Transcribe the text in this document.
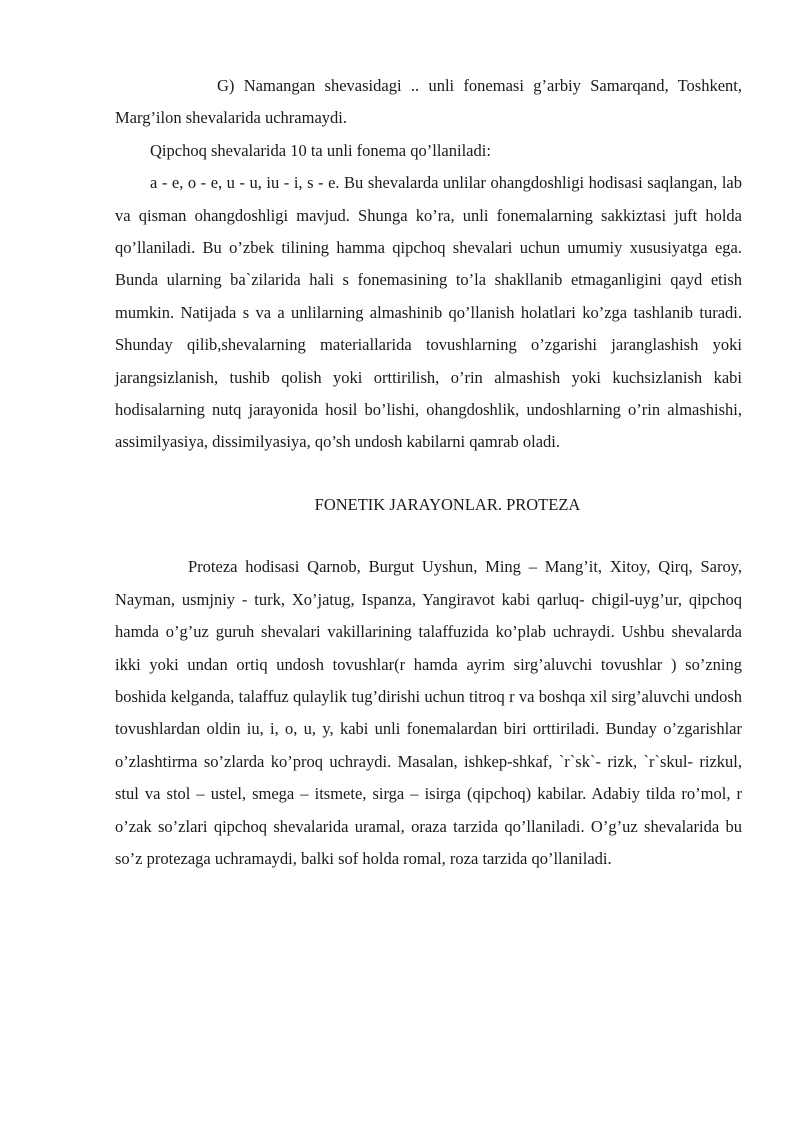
G) Namangan shevasidagi .. unli fonemasi g’arbiy Samarqand, Toshkent, Marg’ilon shevalarida uchramaydi.

Qipchoq shevalarida 10 ta unli fonema qo’llaniladi:

a - e, o - e, u - u, iu - i, s - e. Bu shevalarda unlilar ohangdoshligi hodisasi saqlangan, lab va qisman ohangdoshligi mavjud. Shunga ko’ra, unli fonemalarning sakkiztasi juft holda qo’llaniladi. Bu o’zbek tilining hamma qipchoq shevalari uchun umumiy xususiyatga ega. Bunda ularning ba`zilarida hali s fonemasining to’la shakllanib etmaganligini qayd etish mumkin. Natijada s va a unlilarning almashinib qo’llanish holatlari ko’zga tashlanib turadi. Shunday qilib,shevalarning materiallarida tovushlarning o’zgarishi jaranglashish yoki jarangsizlanish, tushib qolish yoki orttirilish, o’rin almashish yoki kuchsizlanish kabi hodisalarning nutq jarayonida hosil bo’lishi, ohangdoshlik, undoshlarning o’rin almashishi, assimilyasiya, dissimilyasiya, qo’sh undosh kabilarni qamrab oladi.

FONETIK JARAYONLAR. PROTEZA

Proteza hodisasi Qarnob, Burgut Uyshun, Ming – Mang’it, Xitoy, Qirq, Saroy, Nayman, usmjniy - turk, Xo’jatug, Ispanza, Yangiravot kabi qarluq- chigil-uyg’ur, qipchoq hamda o’g’uz guruh shevalari vakillarining talaffuzida ko’plab uchraydi. Ushbu shevalarda ikki yoki undan ortiq undosh tovushlar(r hamda ayrim sirg’aluvchi tovushlar ) so’zning boshida kelganda, talaffuz qulaylik tug’dirishi uchun titroq r va boshqa xil sirg’aluvchi undosh tovushlardan oldin iu, i, o, u, y, kabi unli fonemalardan biri orttiriladi. Bunday o’zgarishlar o’zlashtirma so’zlarda ko’proq uchraydi. Masalan, ishkep-shkaf, `r`sk`- rizk, `r`skul- rizkul, stul va stol – ustel, smega – itsmete, sirga – isirga (qipchoq) kabilar. Adabiy tilda ro’mol, r o’zak so’zlari qipchoq shevalarida uramal, oraza tarzida qo’llaniladi. O’g’uz shevalarida bu so’z protezaga uchramaydi, balki sof holda romal, roza tarzida qo’llaniladi.
